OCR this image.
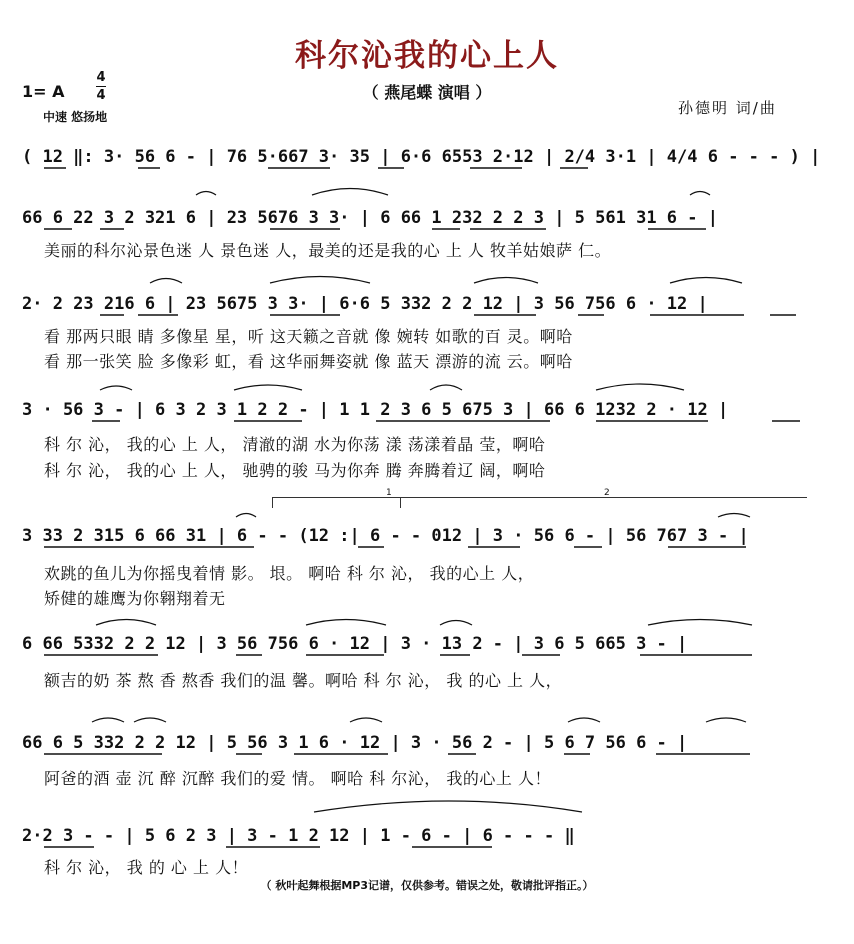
科尔沁我的心上人
（ 燕尾蝶 演唱 ）
1= A
4
4
中速 悠扬地	孙德明 词/曲
( 12 ‖: 3· 56 6 - | 76 5·667 3· 35 | 6·6 6553 2·12 | 2/4 3·1 | 4/4 6 - - - ) |
66 6 22 3 2 321 6 | 23 5676 3 3· | 6 66 1 232 2 2 3 | 5 561 31 6 - |
美丽的科尔沁景色迷 人 景色迷 人，最美的还是我的心 上 人 牧羊姑娘萨 仁。
2· 2 23 216 6 | 23 5675 3 3· | 6·6 5 332 2 2 12 | 3 56 756 6 · 12 |
看 那两只眼 睛 多像星 星，听 这天籁之音就 像 婉转 如歌的百 灵。啊哈
看 那一张笑 脸 多像彩 虹，看 这华丽舞姿就 像 蓝天 漂游的流 云。啊哈
3 · 56 3 - | 6 3 2 3 1 2 2 - | 1 1 2 3 6 5 675 3 | 66 6 1232 2 · 12 |
科 尔 沁， 我的心 上 人， 清澈的湖 水为你荡 漾 荡漾着晶 莹，啊哈
科 尔 沁， 我的心 上 人， 驰骋的骏 马为你奔 腾 奔腾着辽 阔，啊哈
1	2
3 33 2 315 6 66 31 | 6 - - (12 :| 6 - - 012 | 3 · 56 6 - | 56 767 3 - |
欢跳的鱼儿为你摇曳着情 影。 垠。 啊哈 科 尔 沁， 我的心上 人，
矫健的雄鹰为你翱翔着无
6 66 5332 2 2 12 | 3 56 756 6 · 12 | 3 · 13 2 - | 3 6 5 665 3 - |
额吉的奶 茶 熬 香 熬香 我们的温 馨。啊哈 科 尔 沁， 我 的心 上 人，
66 6 5 332 2 2 12 | 5 56 3 1 6 · 12 | 3 · 56 2 - | 5 6 7 56 6 - |
阿爸的酒 壶 沉 醉 沉醉 我们的爱 情。 啊哈 科 尔沁， 我的心上 人！
2·2 3 - - | 5 6 2 3 | 3 - 1 2 12 | 1 - 6 - | 6 - - - ‖
科 尔 沁， 我 的 心 上 人！
（ 秋叶起舞根据MP3记谱，仅供参考。错误之处，敬请批评指正。）
